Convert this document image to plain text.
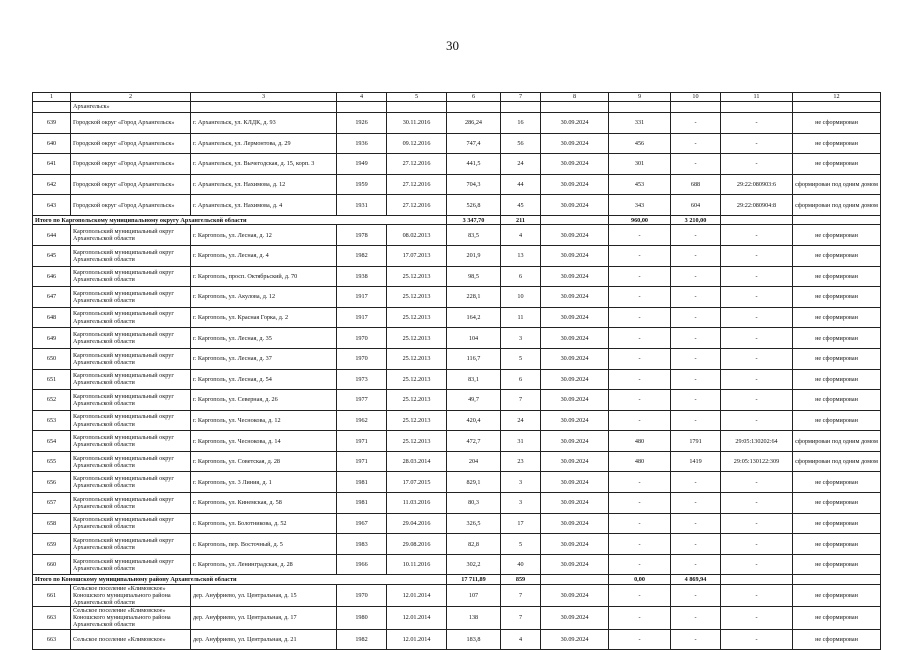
30
1	2	3	4	5	6	7	8	9	10	11	12
	Архангельск»										
639	Городской округ «Город Архангельск»	г. Архангельск, ул. КЛДК, д. 93	1926	30.11.2016	286,24	16	30.09.2024	331	-	-	не сформирован
640	Городской округ «Город Архангельск»	г. Архангельск, ул. Лермонтова, д. 29	1936	09.12.2016	747,4	56	30.09.2024	456	-	-	не сформирован
641	Городской округ «Город Архангельск»	г. Архангельск, ул. Вычегодская, д. 15, корп. 3	1949	27.12.2016	441,5	24	30.09.2024	301	-	-	не сформирован
642	Городской округ «Город Архангельск»	г. Архангельск, ул. Нахимова, д. 12	1959	27.12.2016	704,3	44	30.09.2024	453	688	29:22:080903:6	сформирован под одним домом
643	Городской округ «Город Архангельск»	г. Архангельск, ул. Нахимова, д. 4	1931	27.12.2016	526,8	45	30.09.2024	343	604	29:22:080904:8	сформирован под одним домом
Итого по Каргопольскому муниципальному округу Архангельской области					3 347,70	211		960,00	3 210,00		
644	Каргопольский муниципальный округ Архангельской области	г. Каргополь, ул. Лесная, д. 12	1978	08.02.2013	83,5	4	30.09.2024	-	-	-	не сформирован
645	Каргопольский муниципальный округ Архангельской области	г. Каргополь, ул. Лесная, д. 4	1982	17.07.2013	201,9	13	30.09.2024	-	-	-	не сформирован
646	Каргопольский муниципальный округ Архангельской области	г. Каргополь, просп. Октябрьский, д. 70	1938	25.12.2013	98,5	6	30.09.2024	-	-	-	не сформирован
647	Каргопольский муниципальный округ Архангельской области	г. Каргополь, ул. Акулова, д. 12	1917	25.12.2013	228,1	10	30.09.2024	-	-	-	не сформирован
648	Каргопольский муниципальный округ Архангельской области	г. Каргополь, ул. Красная Горка, д. 2	1917	25.12.2013	164,2	11	30.09.2024	-	-	-	не сформирован
649	Каргопольский муниципальный округ Архангельской области	г. Каргополь, ул. Лесная, д. 35	1970	25.12.2013	104	3	30.09.2024	-	-	-	не сформирован
650	Каргопольский муниципальный округ Архангельской области	г. Каргополь, ул. Лесная, д. 37	1970	25.12.2013	116,7	5	30.09.2024	-	-	-	не сформирован
651	Каргопольский муниципальный округ Архангельской области	г. Каргополь, ул. Лесная, д. 54	1973	25.12.2013	83,1	6	30.09.2024	-	-	-	не сформирован
652	Каргопольский муниципальный округ Архангельской области	г. Каргополь, ул. Северная, д. 26	1977	25.12.2013	49,7	7	30.09.2024	-	-	-	не сформирован
653	Каргопольский муниципальный округ Архангельской области	г. Каргополь, ул. Чеснокова, д. 12	1962	25.12.2013	420,4	24	30.09.2024	-	-	-	не сформирован
654	Каргопольский муниципальный округ Архангельской области	г. Каргополь, ул. Чеснокова, д. 14	1971	25.12.2013	472,7	31	30.09.2024	480	1791	29:05:130202:64	сформирован под одним домом
655	Каргопольский муниципальный округ Архангельской области	г. Каргополь, ул. Советская, д. 28	1971	28.03.2014	204	23	30.09.2024	480	1419	29:05:130122:309	сформирован под одним домом
656	Каргопольский муниципальный округ Архангельской области	г. Каргополь, ул. 3 Линия, д. 1	1981	17.07.2015	829,1	3	30.09.2024	-	-	-	не сформирован
657	Каргопольский муниципальный округ Архангельской области	г. Каргополь, ул. Кинемская, д. 58	1981	11.03.2016	80,3	3	30.09.2024	-	-	-	не сформирован
658	Каргопольский муниципальный округ Архангельской области	г. Каргополь, ул. Болотникова, д. 52	1967	29.04.2016	326,5	17	30.09.2024	-	-	-	не сформирован
659	Каргопольский муниципальный округ Архангельской области	г. Каргополь, пер. Восточный, д. 5	1983	29.08.2016	82,8	5	30.09.2024	-	-	-	не сформирован
660	Каргопольский муниципальный округ Архангельской области	г. Каргополь, ул. Ленинградская, д. 28	1966	10.11.2016	302,2	40	30.09.2024	-	-	-	не сформирован
Итого по Коношскому муниципальному району Архангельской области					17 711,89	859		0,00	4 869,94		
661	Сельское поселение «Климовское» Коношского муниципального района Архангельской области	дер. Ануфриево, ул. Центральная, д. 15	1970	12.01.2014	107	7	30.09.2024	-	-	-	не сформирован
663	Сельское поселение «Климовское» Коношского муниципального района Архангельской области	дер. Ануфриево, ул. Центральная, д. 17	1980	12.01.2014	138	7	30.09.2024	-	-	-	не сформирован
663	Сельское поселение «Климовское»	дер. Ануфриево, ул. Центральная, д. 21	1982	12.01.2014	183,8	4	30.09.2024	-	-	-	не сформирован
